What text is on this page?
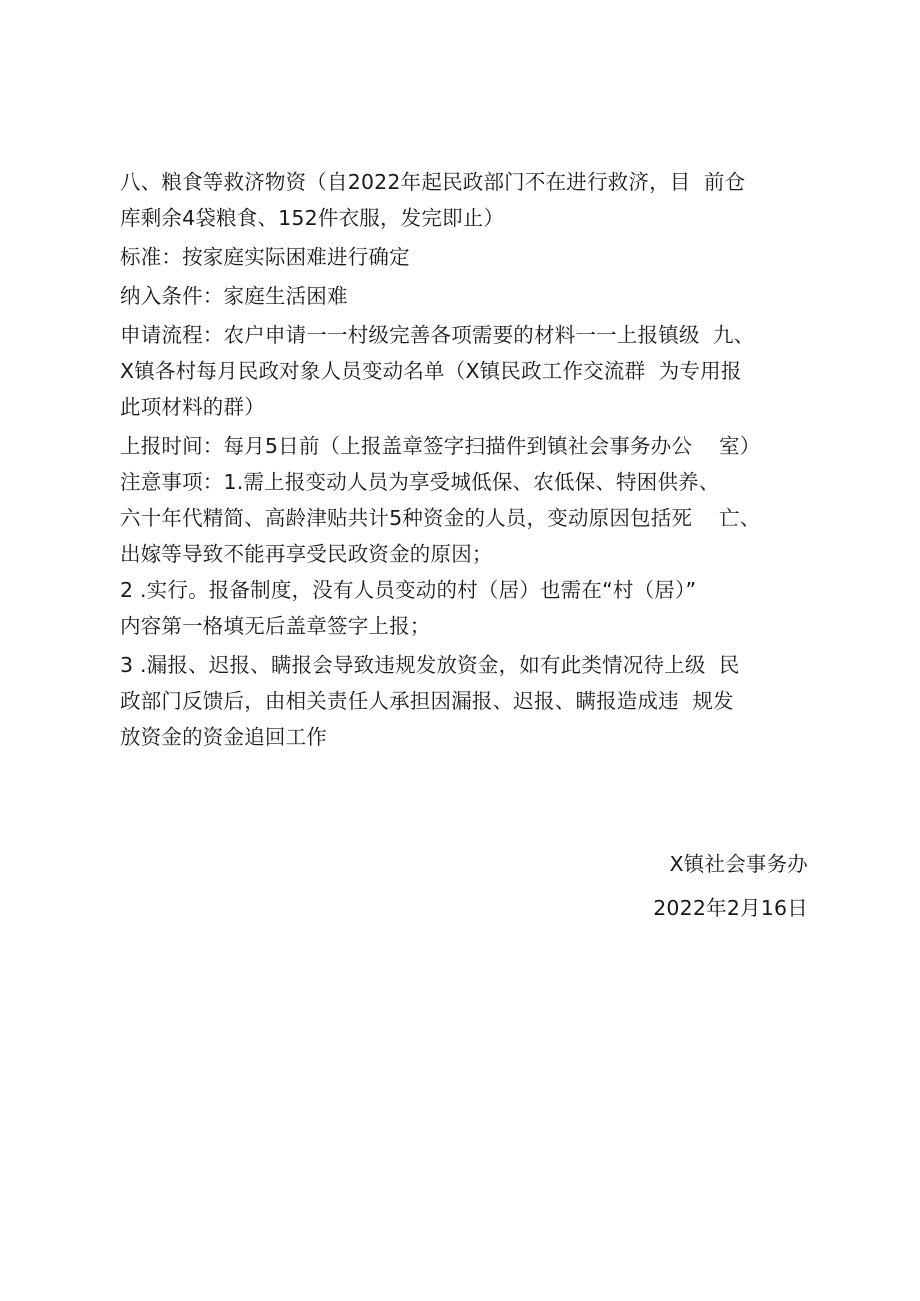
八、粮食等救济物资（自2022年起民政部门不在进行救济，目  前仓
库剩余4袋粮食、152件衣服，发完即止）
标准：按家庭实际困难进行确定
纳入条件：家庭生活困难
申请流程：农户申请一一村级完善各项需要的材料一一上报镇级  九、
X镇各村每月民政对象人员变动名单（X镇民政工作交流群  为专用报
此项材料的群）
上报时间：每月5日前（上报盖章签字扫描件到镇社会事务办公    室）
注意事项：1.需上报变动人员为享受城低保、农低保、特困供养、
六十年代精简、高龄津贴共计5种资金的人员，变动原因包括死    亡、
出嫁等导致不能再享受民政资金的原因；
2 .实行。报备制度，没有人员变动的村（居）也需在“村（居）”
内容第一格填无后盖章签字上报；
3 .漏报、迟报、瞒报会导致违规发放资金，如有此类情况待上级  民
政部门反馈后，由相关责任人承担因漏报、迟报、瞒报造成违  规发
放资金的资金追回工作
X镇社会事务办
2022年2月16日
